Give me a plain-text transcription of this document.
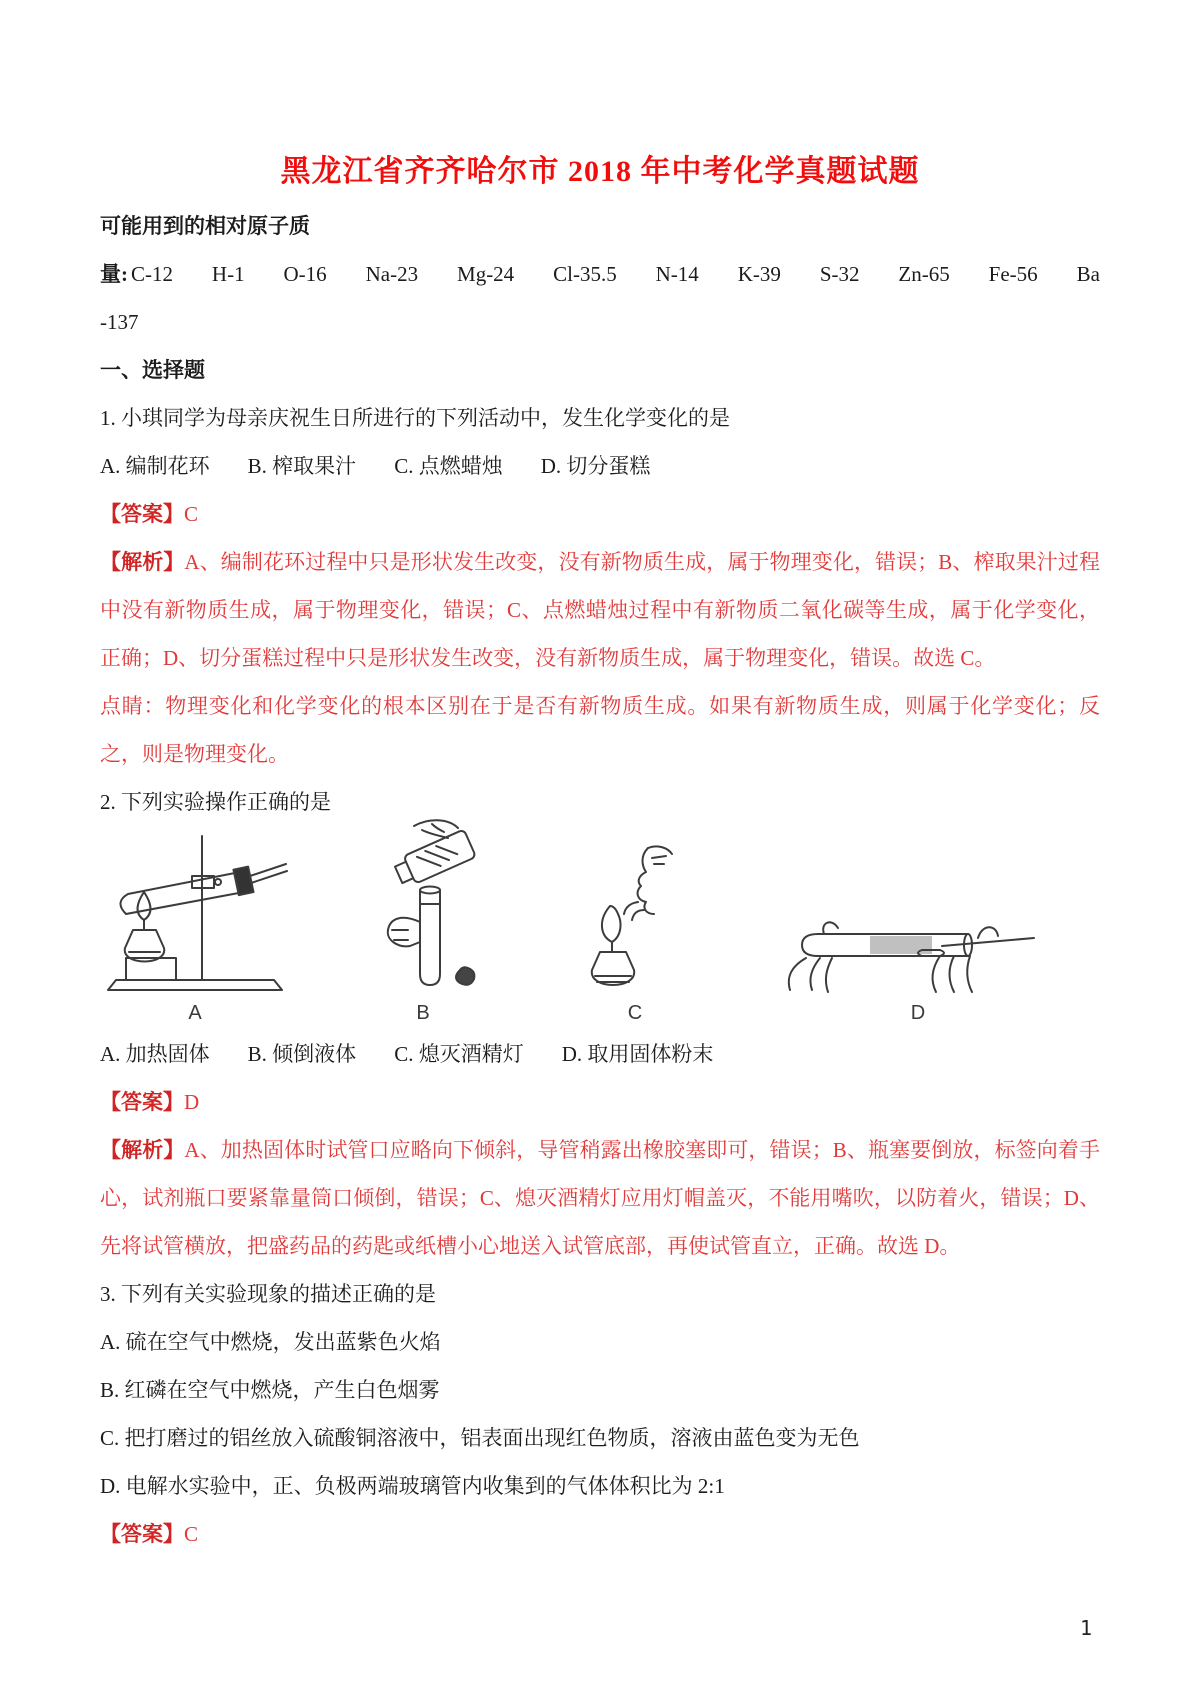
黑龙江省齐齐哈尔市 2018 年中考化学真题试题

可能用到的相对原子质

量: C-12 H-1 O-16 Na-23 Mg-24 Cl-35.5 N-14 K-39 S-32 Zn-65 Fe-56 Ba

-137

一、选择题

1. 小琪同学为母亲庆祝生日所进行的下列活动中，发生化学变化的是

A. 编制花环 B. 榨取果汁 C. 点燃蜡烛 D. 切分蛋糕

【答案】C

【解析】A、编制花环过程中只是形状发生改变，没有新物质生成，属于物理变化，错误；B、榨取果汁过程中没有新物质生成，属于物理变化，错误；C、点燃蜡烛过程中有新物质二氧化碳等生成，属于化学变化，正确；D、切分蛋糕过程中只是形状发生改变，没有新物质生成，属于物理变化，错误。故选 C。

点睛：物理变化和化学变化的根本区别在于是否有新物质生成。如果有新物质生成，则属于化学变化；反之，则是物理变化。

2. 下列实验操作正确的是

A	B	C	D
A. 加热固体 B. 倾倒液体 C. 熄灭酒精灯 D. 取用固体粉末

【答案】D

【解析】A、加热固体时试管口应略向下倾斜，导管稍露出橡胶塞即可，错误；B、瓶塞要倒放，标签向着手心，试剂瓶口要紧靠量筒口倾倒，错误；C、熄灭酒精灯应用灯帽盖灭，不能用嘴吹，以防着火，错误；D、先将试管横放，把盛药品的药匙或纸槽小心地送入试管底部，再使试管直立，正确。故选 D。

3. 下列有关实验现象的描述正确的是

A. 硫在空气中燃烧，发出蓝紫色火焰

B. 红磷在空气中燃烧，产生白色烟雾

C. 把打磨过的铝丝放入硫酸铜溶液中，铝表面出现红色物质，溶液由蓝色变为无色

D. 电解水实验中，正、负极两端玻璃管内收集到的气体体积比为 2:1

【答案】C

1
